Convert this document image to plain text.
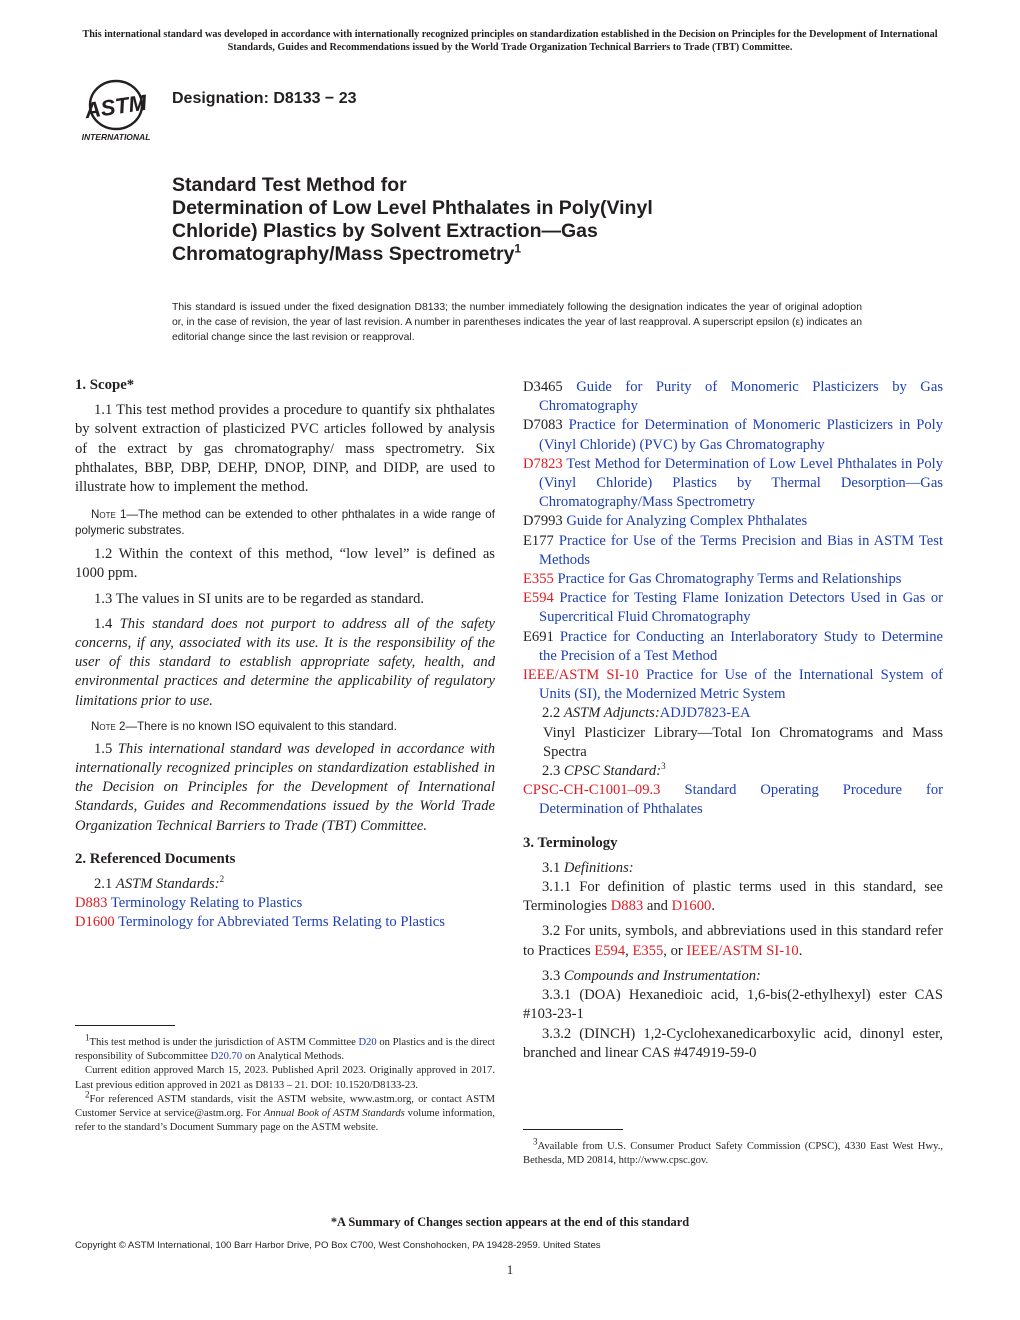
This international standard was developed in accordance with internationally recognized principles on standardization established in the Decision on Principles for the Development of International Standards, Guides and Recommendations issued by the World Trade Organization Technical Barriers to Trade (TBT) Committee.
ASTM
INTERNATIONAL
Designation: D8133 − 23
Standard Test Method for
Determination of Low Level Phthalates in Poly(Vinyl
Chloride) Plastics by Solvent Extraction—Gas
Chromatography/Mass Spectrometry$^1$
This standard is issued under the fixed designation D8133; the number immediately following the designation indicates the year of original adoption or, in the case of revision, the year of last revision. A number in parentheses indicates the year of last reapproval. A superscript epsilon (ε) indicates an editorial change since the last revision or reapproval.
1. Scope*

1.1 This test method provides a procedure to quantify six phthalates by solvent extraction of plasticized PVC articles followed by analysis of the extract by gas chromatography/ mass spectrometry. Six phthalates, BBP, DBP, DEHP, DNOP, DINP, and DIDP, are used to illustrate how to implement the method.

Note 1—The method can be extended to other phthalates in a wide range of polymeric substrates.

1.2 Within the context of this method, “low level” is defined as 1000 ppm.

1.3 The values in SI units are to be regarded as standard.

1.4 This standard does not purport to address all of the safety concerns, if any, associated with its use. It is the responsibility of the user of this standard to establish appropriate safety, health, and environmental practices and determine the applicability of regulatory limitations prior to use.

Note 2—There is no known ISO equivalent to this standard.

1.5 This international standard was developed in accordance with internationally recognized principles on standardization established in the Decision on Principles for the Development of International Standards, Guides and Recommendations issued by the World Trade Organization Technical Barriers to Trade (TBT) Committee.

2. Referenced Documents

2.1 ASTM Standards:$^2$

D883 Terminology Relating to Plastics

D1600 Terminology for Abbreviated Terms Relating to Plastics

$^1$This test method is under the jurisdiction of ASTM Committee D20 on Plastics and is the direct responsibility of Subcommittee D20.70 on Analytical Methods.

Current edition approved March 15, 2023. Published April 2023. Originally approved in 2017. Last previous edition approved in 2021 as D8133 – 21. DOI: 10.1520/D8133-23.

$^2$For referenced ASTM standards, visit the ASTM website, www.astm.org, or contact ASTM Customer Service at service@astm.org. For Annual Book of ASTM Standards volume information, refer to the standard’s Document Summary page on the ASTM website.

D3465 Guide for Purity of Monomeric Plasticizers by Gas Chromatography

D7083 Practice for Determination of Monomeric Plasticizers in Poly (Vinyl Chloride) (PVC) by Gas Chromatography

D7823 Test Method for Determination of Low Level Phthalates in Poly (Vinyl Chloride) Plastics by Thermal Desorption—Gas Chromatography/Mass Spectrometry

D7993 Guide for Analyzing Complex Phthalates

E177 Practice for Use of the Terms Precision and Bias in ASTM Test Methods

E355 Practice for Gas Chromatography Terms and Relationships

E594 Practice for Testing Flame Ionization Detectors Used in Gas or Supercritical Fluid Chromatography

E691 Practice for Conducting an Interlaboratory Study to Determine the Precision of a Test Method

IEEE/ASTM SI-10 Practice for Use of the International System of Units (SI), the Modernized Metric System

2.2 ASTM Adjuncts:ADJD7823-EA

Vinyl Plasticizer Library—Total Ion Chromatograms and Mass Spectra

2.3 CPSC Standard:$^3$

CPSC-CH-C1001–09.3 Standard Operating Procedure for Determination of Phthalates

3. Terminology

3.1 Definitions:

3.1.1 For definition of plastic terms used in this standard, see Terminologies D883 and D1600.

3.2 For units, symbols, and abbreviations used in this standard refer to Practices E594, E355, or IEEE/ASTM SI-10.

3.3 Compounds and Instrumentation:

3.3.1 (DOA) Hexanedioic acid, 1,6-bis(2-ethylhexyl) ester CAS #103-23-1

3.3.2 (DINCH) 1,2-Cyclohexanedicarboxylic acid, dinonyl ester, branched and linear CAS #474919-59-0

$^3$Available from U.S. Consumer Product Safety Commission (CPSC), 4330 East West Hwy., Bethesda, MD 20814, http://www.cpsc.gov.

*A Summary of Changes section appears at the end of this standard
Copyright © ASTM International, 100 Barr Harbor Drive, PO Box C700, West Conshohocken, PA 19428-2959. United States
1
